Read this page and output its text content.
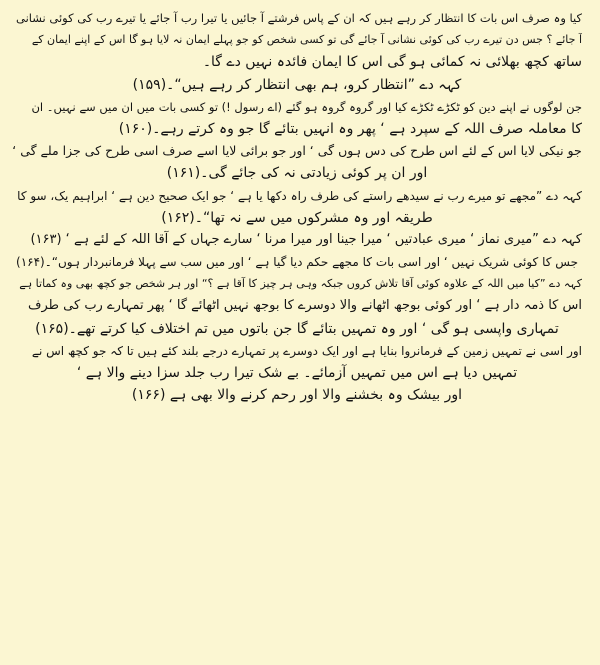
کیا وہ صرف اس بات کا انتظار کر رہے ہیں کہ ان کے پاس فرشتے آ جائیں یا تیرا رب آ جائے یا تیرے رب کی کوئی نشانی
آ جائے ؟ جس دن تیرے رب کی کوئی نشانی آ جائے گی تو کسی شخص کو جو پہلے ایمان نہ لایا ہو گا اس کے اپنے ایمان کے
ساتھ کچھ بھلائی نہ کمائی ہو گی اس کا ایمان فائدہ نہیں دے گا۔
کہہ دے ”انتظار کرو، ہم بھی انتظار کر رہے ہیں“۔(۱۵۹)
جن لوگوں نے اپنے دین کو ٹکڑے ٹکڑے کیا اور گروہ گروہ ہو گئے (اے رسول !) تو کسی بات میں ان میں سے نہیں۔ ان
کا معاملہ صرف اللہ کے سپرد ہے ‘ پھر وہ انہیں بتائے گا جو وہ کرتے رہے۔(۱۶۰)
جو نیکی لایا اس کے لئے اس طرح کی دس ہوں گی ‘ اور جو برائی لایا اسے صرف اسی طرح کی جزا ملے گی ‘
اور ان پر کوئی زیادتی نہ کی جائے گی۔(۱۶۱)
کہہ دے ”مجھے تو میرے رب نے سیدھے راستے کی طرف راہ دکھا یا ہے ‘ جو ایک صحیح دین ہے ‘ ابراہیم یک، سو کا
طریقہ اور وہ مشرکوں میں سے نہ تھا“۔(۱۶۲)
کہہ دے ”میری نماز ‘ میری عبادتیں ‘ میرا جینا اور میرا مرنا ‘ سارے جہاں کے آقا اللہ کے لئے ہے ‘ (۱۶۳)
جس کا کوئی شریک نہیں ‘ اور اسی بات کا مجھے حکم دیا گیا ہے ‘ اور میں سب سے پہلا فرمانبردار ہوں“۔(۱۶۴)
کہہ دے ”کیا میں اللہ کے علاوہ کوئی آقا تلاش کروں جبکہ وہی ہر چیز کا آقا ہے ؟“ اور ہر شخص جو کچھ بھی وہ کماتا ہے
اس کا ذمہ دار ہے ‘ اور کوئی بوجھ اٹھانے والا دوسرے کا بوجھ نہیں اٹھائے گا ‘ پھر تمہارے رب کی طرف
تمہاری واپسی ہو گی ‘ اور وہ تمہیں بتائے گا جن باتوں میں تم اختلاف کیا کرتے تھے۔(۱۶۵)
اور اسی نے تمہیں زمین کے فرمانروا بنایا ہے اور ایک دوسرے پر تمہارے درجے بلند کئے ہیں تا کہ جو کچھ اس نے
تمہیں دیا ہے اس میں تمہیں آزمائے۔ بے شک تیرا رب جلد سزا دینے والا ہے ‘
اور بیشک وہ بخشنے والا اور رحم کرنے والا بھی ہے (۱۶۶)
